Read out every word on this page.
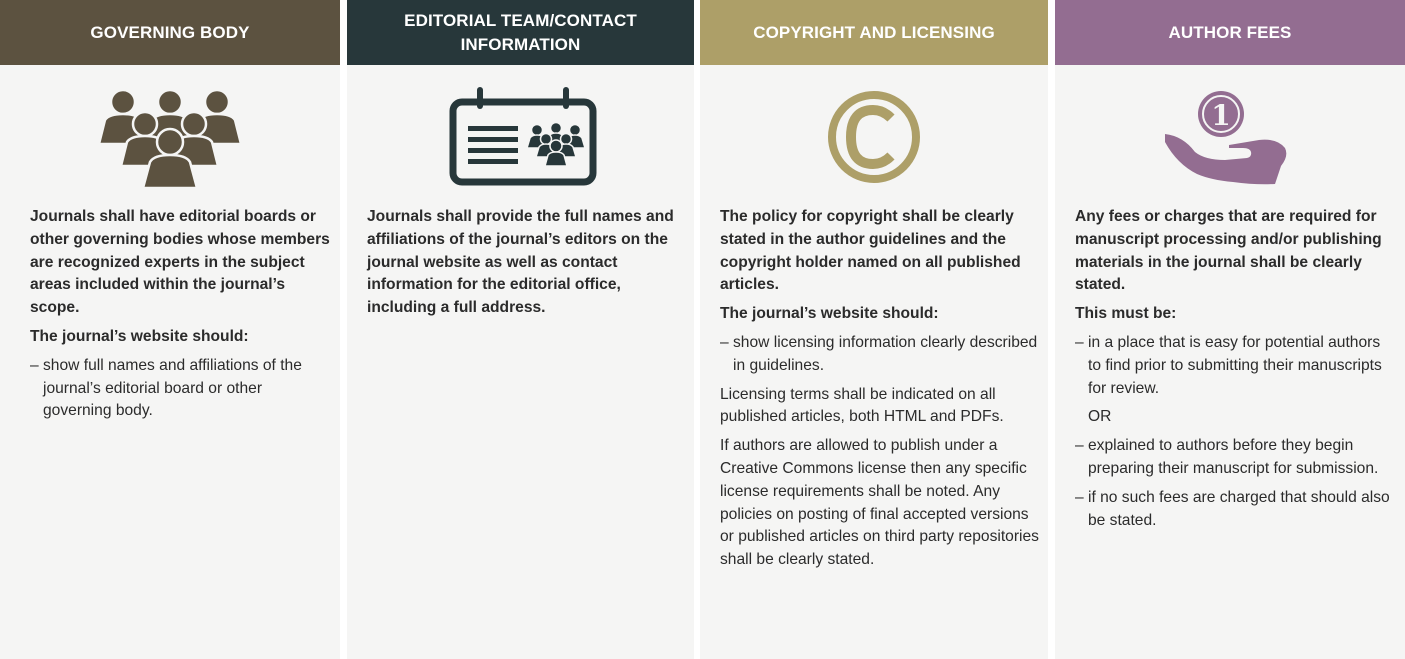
GOVERNING BODY
Journals shall have editorial boards or other governing bodies whose members are recognized experts in the subject areas included within the journal’s scope.
The journal’s website should:
– show full names and affiliations of the journal’s editorial board or other governing body.
EDITORIAL TEAM/CONTACT
INFORMATION
Journals shall provide the full names and affiliations of the journal’s editors on the journal website as well as contact information for the editorial office, including a full address.
COPYRIGHT AND LICENSING
The policy for copyright shall be clearly stated in the author guidelines and the copyright holder named on all published articles.
The journal’s website should:
– show licensing information clearly described in guidelines.
Licensing terms shall be indicated on all published articles, both HTML and PDFs.
If authors are allowed to publish under a Creative Commons license then any specific license requirements shall be noted. Any policies on posting of final accepted versions or published articles on third party repositories shall be clearly stated.
AUTHOR FEES
1
Any fees or charges that are required for manuscript processing and/or publishing materials in the journal shall be clearly stated.
This must be:
– in a place that is easy for potential authors to find prior to submitting their manuscripts for review.
OR
– explained to authors before they begin preparing their manuscript for submission.
– if no such fees are charged that should also be stated.
